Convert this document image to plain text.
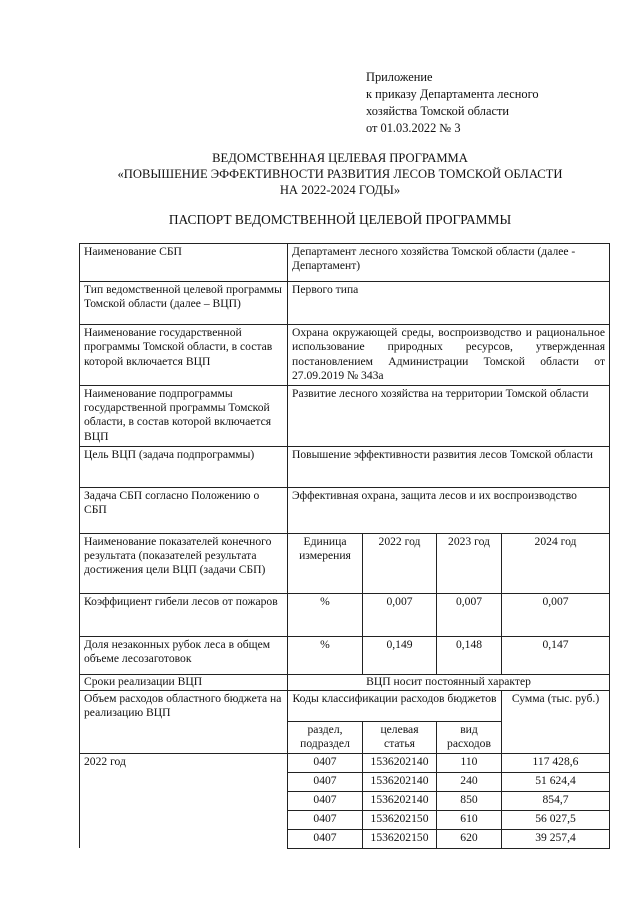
Приложение
к приказу Департамента лесного
хозяйства Томской области
от 01.03.2022 № 3
ВЕДОМСТВЕННАЯ ЦЕЛЕВАЯ ПРОГРАММА
«ПОВЫШЕНИЕ ЭФФЕКТИВНОСТИ РАЗВИТИЯ ЛЕСОВ ТОМСКОЙ ОБЛАСТИ
НА 2022-2024 ГОДЫ»
ПАСПОРТ ВЕДОМСТВЕННОЙ ЦЕЛЕВОЙ ПРОГРАММЫ
Наименование СБП	Департамент лесного хозяйства Томской области (далее - Департамент)			
Тип ведомственной целевой программы Томской области (далее – ВЦП)	Первого типа			
Наименование государственной программы Томской области, в состав которой включается ВЦП	Охрана окружающей среды, воспроизводство и рациональное использование природных ресурсов, утвержденная постановлением Администрации Томской области от 27.09.2019 № 343а			
Наименование подпрограммы государственной программы Томской области, в состав которой включается ВЦП	Развитие лесного хозяйства на территории Томской области			
Цель ВЦП (задача подпрограммы)	Повышение эффективности развития лесов Томской области			
Задача СБП согласно Положению о СБП	Эффективная охрана, защита лесов и их воспроизводство			
Наименование показателей конечного результата (показателей результата достижения цели ВЦП (задачи СБП)	Единица измерения	2022 год	2023 год	2024 год
Коэффициент гибели лесов от пожаров	%	0,007	0,007	0,007
Доля незаконных рубок леса в общем объеме лесозаготовок	%	0,149	0,148	0,147
Сроки реализации ВЦП	ВЦП носит постоянный характер			
Объем расходов областного бюджета на реализацию ВЦП	Коды классификации расходов бюджетов			Сумма (тыс. руб.)
	раздел, подраздел	целевая статья	вид расходов	
2022 год	0407	1536202140	110	117 428,6
	0407	1536202140	240	51 624,4
	0407	1536202140	850	854,7
	0407	1536202150	610	56 027,5
	0407	1536202150	620	39 257,4
